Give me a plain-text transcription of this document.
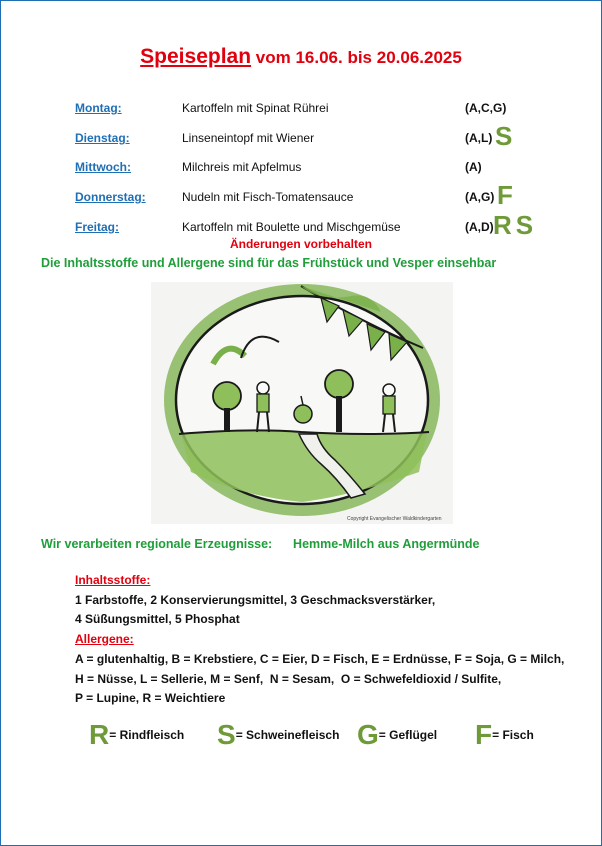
Speiseplan vom 16.06. bis 20.06.2025
Montag:	Kartoffeln mit Spinat Rührei	(A,C,G)
Dienstag:	Linseneintopf mit Wiener	(A,L) S
Mittwoch:	Milchreis mit Apfelmus	(A)
Donnerstag:	Nudeln mit Fisch-Tomatensauce	(A,G) F
Freitag:	Kartoffeln mit Boulette und Mischgemüse	(A,D) RS
Änderungen vorbehalten
Die Inhaltsstoffe und Allergene sind für das Frühstück und Vesper einsehbar
Copyright Evangelischer Waldkindergarten
Wir verarbeiten regionale Erzeugnisse:      Hemme-Milch aus Angermünde
Inhaltsstoffe:
1 Farbstoffe, 2 Konservierungsmittel, 3 Geschmacksverstärker,
4 Süßungsmittel, 5 Phosphat
Allergene:
A = glutenhaltig, B = Krebstiere, C = Eier, D = Fisch, E = Erdnüsse, F = Soja, G = Milch,
H = Nüsse, L = Sellerie, M = Senf,  N = Sesam,  O = Schwefeldioxid / Sulfite,
P = Lupine, R = Weichtiere
R= Rindfleisch S= Schweinefleisch G= Geflügel F= Fisch
